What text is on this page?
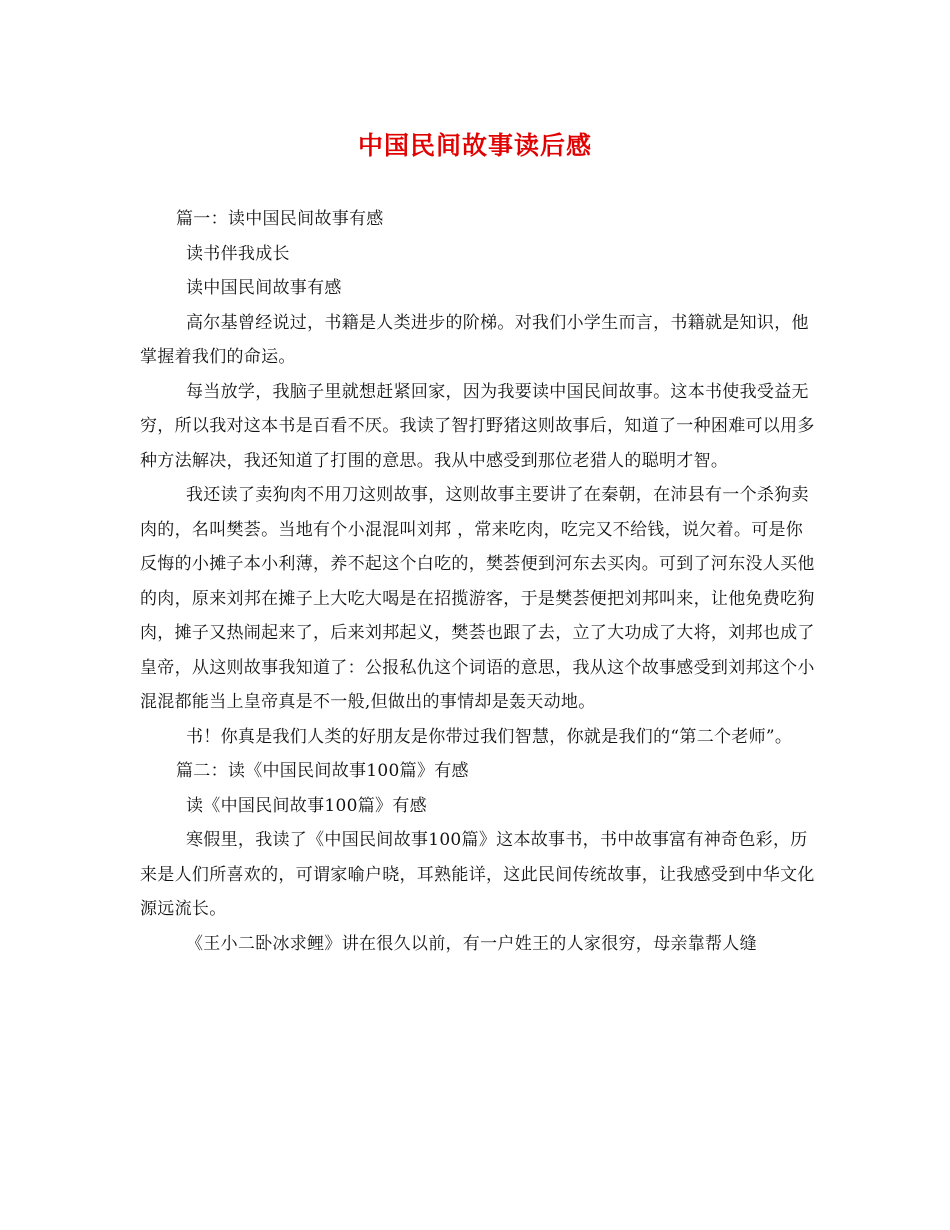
中国民间故事读后感

篇一：读中国民间故事有感

读书伴我成长

读中国民间故事有感

高尔基曾经说过，书籍是人类进步的阶梯。对我们小学生而言，书籍就是知识，他掌握着我们的命运。

每当放学，我脑子里就想赶紧回家，因为我要读中国民间故事。这本书使我受益无穷，所以我对这本书是百看不厌。我读了智打野猪这则故事后，知道了一种困难可以用多种方法解决，我还知道了打围的意思。我从中感受到那位老猎人的聪明才智。

我还读了卖狗肉不用刀这则故事，这则故事主要讲了在秦朝，在沛县有一个杀狗卖肉的，名叫樊荟。当地有个小混混叫刘邦 ，常来吃肉，吃完又不给钱，说欠着。可是你反悔的小摊子本小利薄，养不起这个白吃的，樊荟便到河东去买肉。可到了河东没人买他的肉，原来刘邦在摊子上大吃大喝是在招揽游客，于是樊荟便把刘邦叫来，让他免费吃狗肉，摊子又热闹起来了，后来刘邦起义，樊荟也跟了去，立了大功成了大将，刘邦也成了皇帝，从这则故事我知道了：公报私仇这个词语的意思，我从这个故事感受到刘邦这个小混混都能当上皇帝真是不一般,但做出的事情却是轰天动地。

书！你真是我们人类的好朋友是你带过我们智慧，你就是我们的“第二个老师”。

篇二：读《中国民间故事100篇》有感

读《中国民间故事100篇》有感

寒假里，我读了《中国民间故事100篇》这本故事书，书中故事富有神奇色彩，历来是人们所喜欢的，可谓家喻户晓，耳熟能详，这此民间传统故事，让我感受到中华文化源远流长。

《王小二卧冰求鲤》讲在很久以前，有一户姓王的人家很穷，母亲靠帮人缝
